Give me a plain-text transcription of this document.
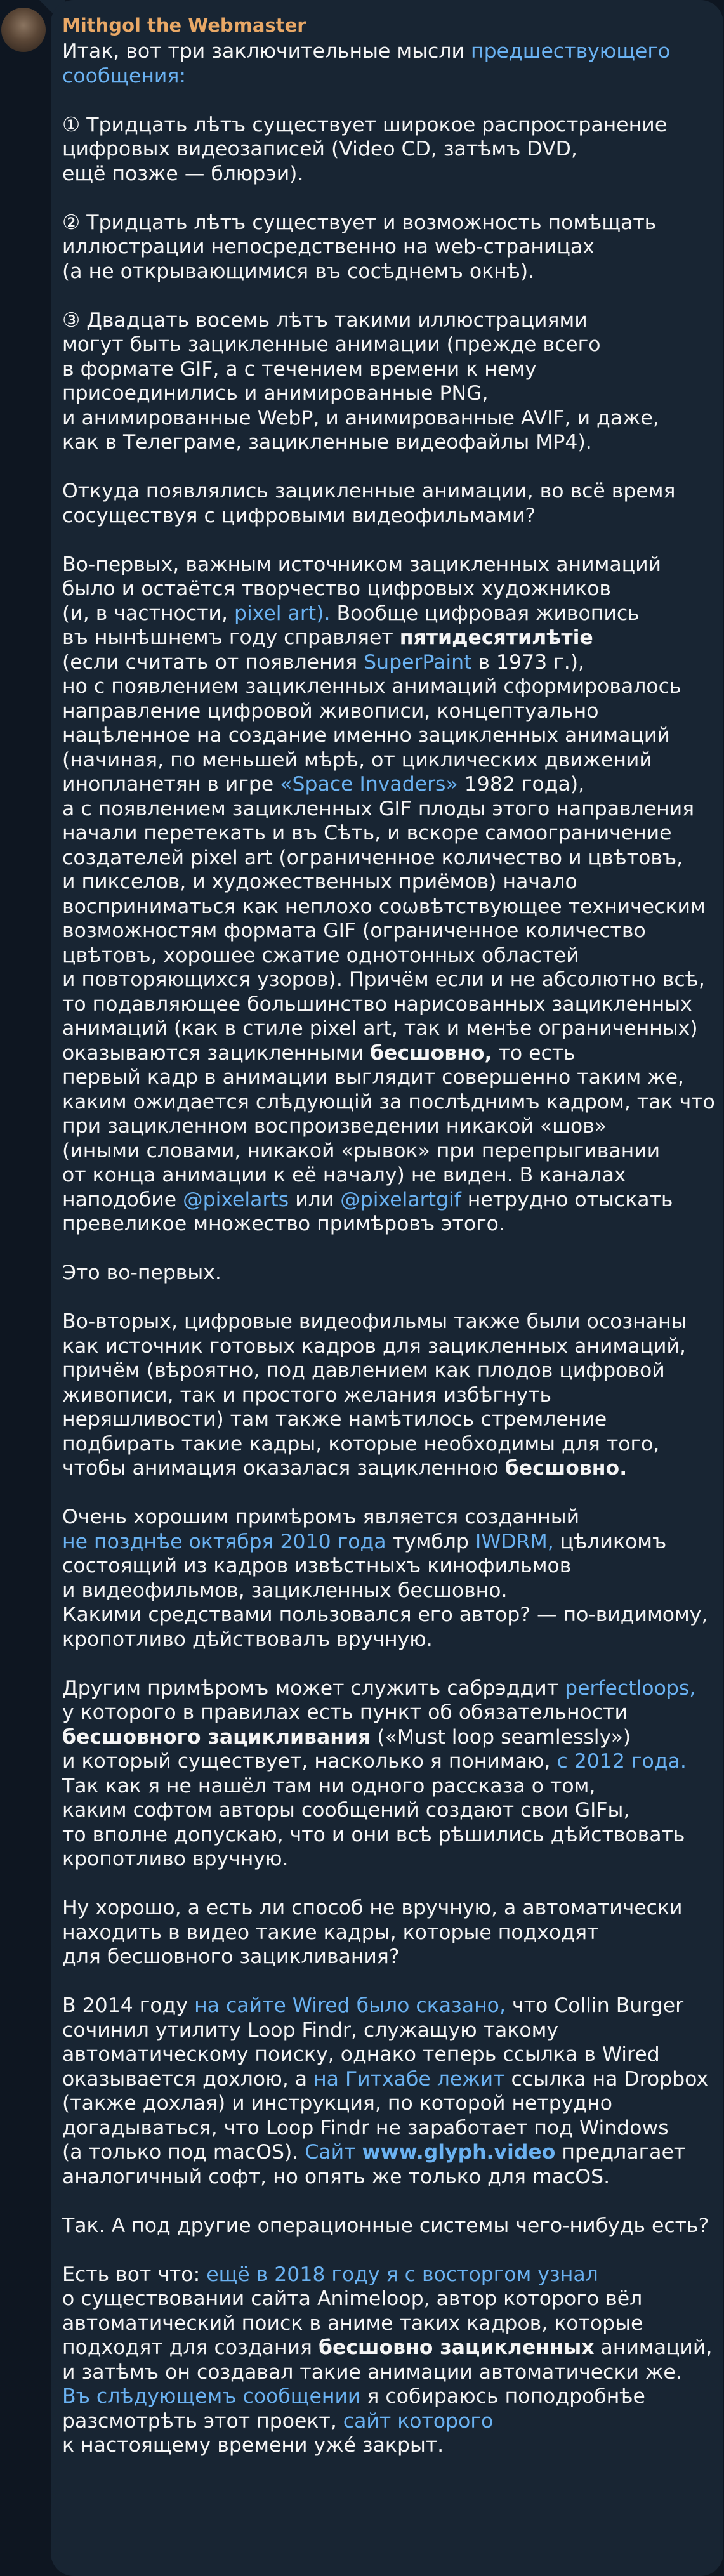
Mithgol the Webmaster
Итак, вот три заключительные мысли предшествующего
сообщения:
① Тридцать лѣтъ существует широкое распространение
цифровых видеозаписей (Video CD, затѣмъ DVD,
ещё позже — блюрэи).
② Тридцать лѣтъ существует и возможность помѣщать
иллюстрации непосредственно на web-страницах
(а не открывающимися въ сосѣднемъ окнѣ).
③ Двадцать восемь лѣтъ такими иллюстрациями
могут быть зацикленные анимации (прежде всего
в формате GIF, а с течением времени к нему
присоединились и анимированные PNG,
и анимированные WebP, и анимированные AVIF, и даже,
как в Телеграме, зацикленные видеофайлы MP4).
Откуда появлялись зацикленные анимации, во всё время
сосуществуя с цифровыми видеофильмами?
Во-первых, важным источником зацикленных анимаций
было и остаётся творчество цифровых художников
(и, в частности, pixel art). Вообще цифровая живопись
въ нынѣшнемъ году справляет пятидесятилѣтіе
(если считать от появления SuperPaint в 1973 г.),
но с появлением зацикленных анимаций сформировалось
направление цифровой живописи, концептуально
нацѣленное на создание именно зацикленных анимаций
(начиная, по меньшей мѣрѣ, от циклических движений
инопланетян в игре «Space Invaders» 1982 года),
а с появлением зацикленных GIF плоды этого направления
начали перетекать и въ Сѣть, и вскоре самоограничение
создателей pixel art (ограниченное количество и цвѣтовъ,
и пикселов, и художественных приёмов) начало
восприниматься как неплохо соѡвѣтствующее техническим
возможностям формата GIF (ограниченное количество
цвѣтовъ, хорошее сжатие однотонных областей
и повторяющихся узоров). Причём если и не абсолютно всѣ,
то подавляющее большинство нарисованных зацикленных
анимаций (как в стиле pixel art, так и менѣе ограниченных)
оказываются зацикленными бесшовно, то есть
первый кадр в анимации выглядит совершенно таким же,
каким ожидается слѣдующій за послѣднимъ кадром, так что
при зацикленном воспроизведении никакой «шов»
(иными словами, никакой «рывок» при перепрыгивании
от конца анимации к её началу) не виден. В каналах
наподобие @pixelarts или @pixelartgif нетрудно отыскать
превеликое множество примѣровъ этого.
Это во-первых.
Во-вторых, цифровые видеофильмы также были осознаны
как источник готовых кадров для зацикленных анимаций,
причём (вѣроятно, под давлением как плодов цифровой
живописи, так и простого желания избѣгнуть
неряшливости) там также намѣтилось стремление
подбирать такие кадры, которые необходимы для того,
чтобы анимация оказалася зацикленною бесшовно.
Очень хорошим примѣромъ является созданный
не позднѣе октября 2010 года тумблр IWDRM, цѣликомъ
состоящий из кадров извѣстныхъ кинофильмов
и видеофильмов, зацикленных бесшовно.
Какими средствами пользовался его автор? — по-видимому,
кропотливо дѣйствовалъ вручную.
Другим примѣромъ может служить сабрэддит perfectloops,
у которого в правилах есть пункт об обязательности
бесшовного зацикливания («Must loop seamlessly»)
и который существует, насколько я понимаю, с 2012 года.
Так как я не нашёл там ни одного рассказа о том,
каким софтом авторы сообщений создают свои GIFы,
то вполне допускаю, что и они всѣ рѣшились дѣйствовать
кропотливо вручную.
Ну хорошо, а есть ли способ не вручную, а автоматически
находить в видео такие кадры, которые подходят
для бесшовного зацикливания?
В 2014 году на сайте Wired было сказано, что Collin Burger
сочинил утилиту Loop Findr, служащую такому
автоматическому поиску, однако теперь ссылка в Wired
оказывается дохлою, а на Гитхабе лежит ссылка на Dropbox
(также дохлая) и инструкция, по которой нетрудно
догадываться, что Loop Findr не заработает под Windows
(а только под macOS). Сайт www.glyph.video предлагает
аналогичный софт, но опять же только для macOS.
Так. А под другие операционные системы чего-нибудь есть?
Есть вот что: ещё в 2018 году я с восторгом узнал
о существовании сайта Animeloop, автор которого вёл
автоматический поиск в аниме таких кадров, которые
подходят для создания бесшовно зацикленных анимаций,
и затѣмъ он создавал такие анимации автоматически же.
Въ слѣдующемъ сообщении я собираюсь поподробнѣе
разсмотрѣть этот проект, сайт которого
к настоящему времени ужé закрыт.
